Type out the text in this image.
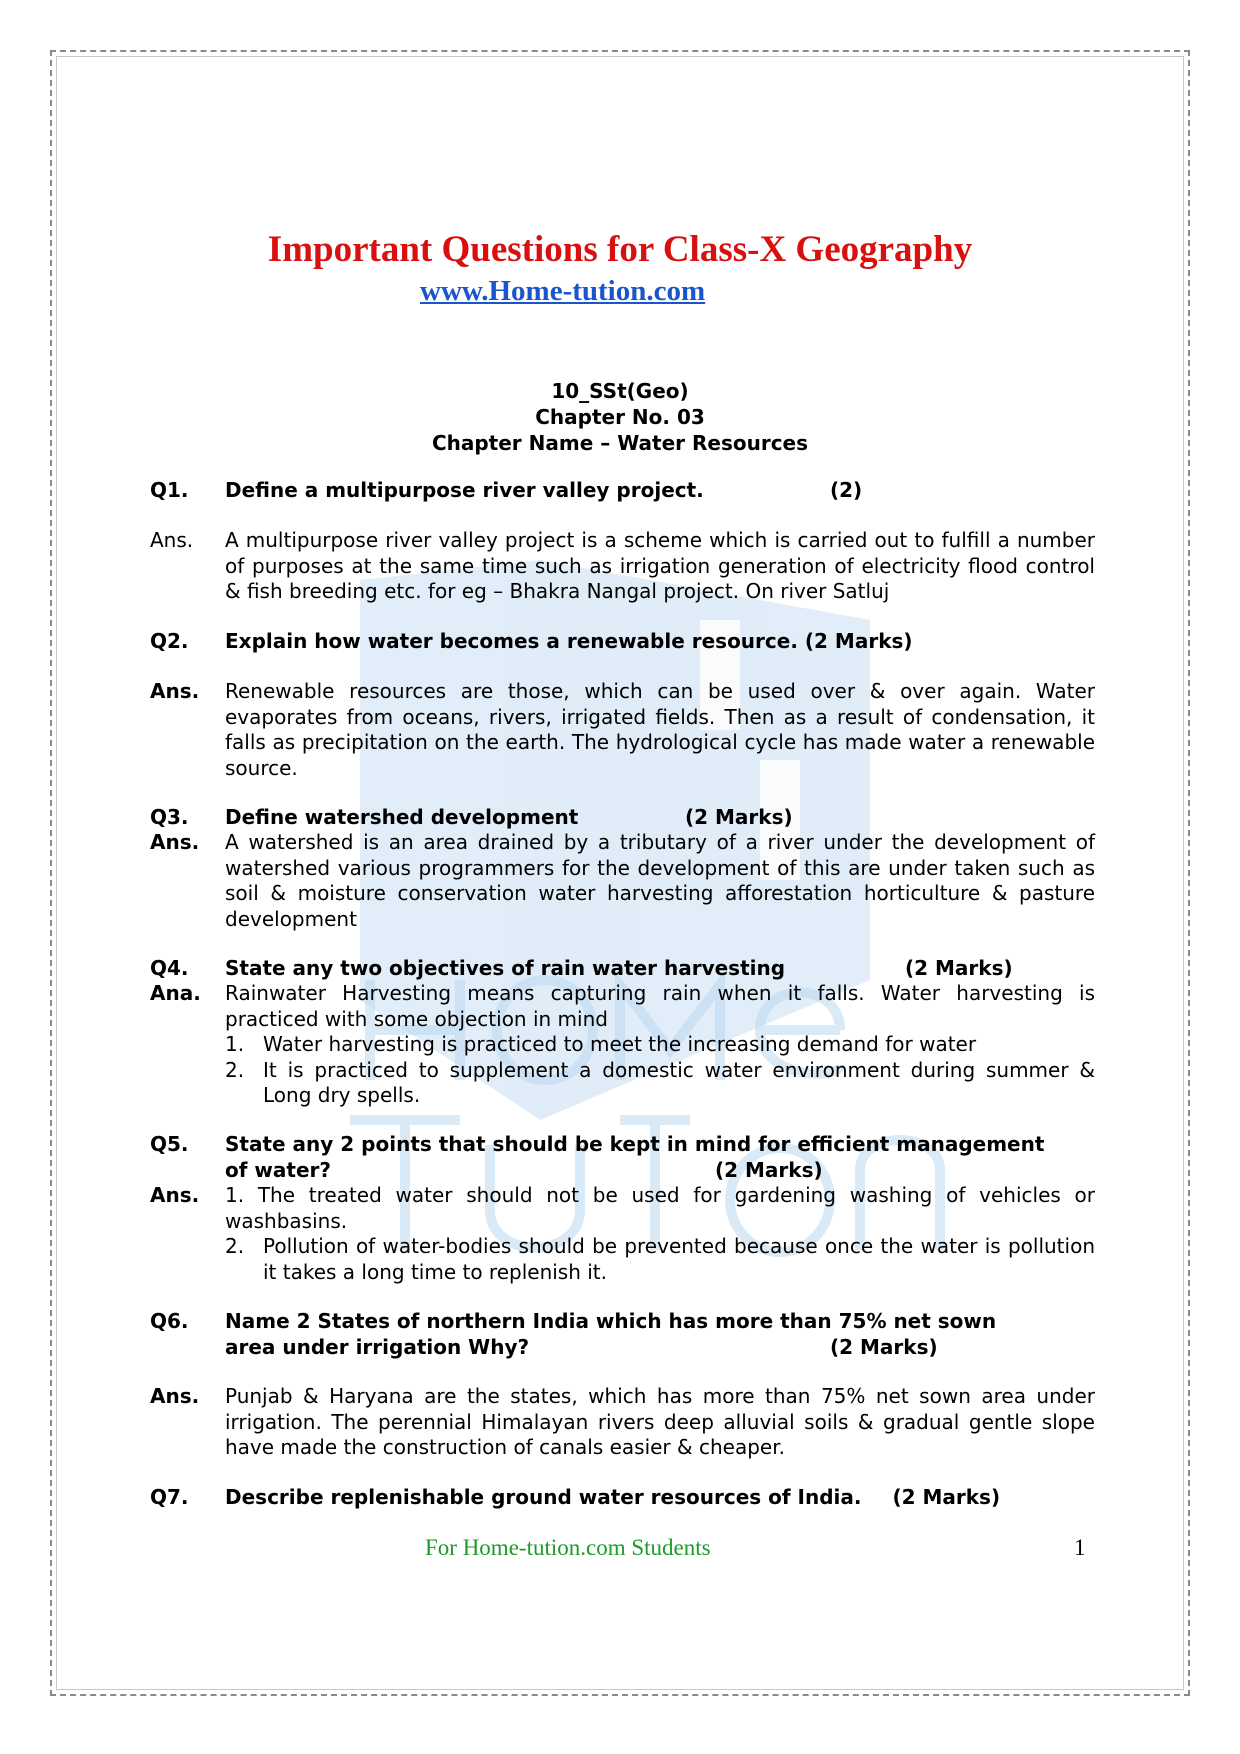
Important Questions for Class-X Geography
www.Home-tution.com
10_SSt(Geo)
Chapter No. 03
Chapter Name – Water Resources
Q1. Define a multipurpose river valley project.	(2)
Ans. A multipurpose river valley project is a scheme which is carried out to fulfill a number of purposes at the same time such as irrigation generation of electricity flood control & fish breeding etc. for eg – Bhakra Nangal project. On river Satluj
Q2. Explain how water becomes a renewable resource. (2 Marks)
Ans. Renewable resources are those, which can be used over & over again. Water evaporates from oceans, rivers, irrigated fields. Then as a result of condensation, it falls as precipitation on the earth. The hydrological cycle has made water a renewable source.
Q3. Define watershed development	(2 Marks)
Ans. A watershed is an area drained by a tributary of a river under the development of watershed various programmers for the development of this are under taken such as soil & moisture conservation water harvesting afforestation horticulture & pasture development
Q4. State any two objectives of rain water harvesting	(2 Marks)
Ana. Rainwater Harvesting means capturing rain when it falls. Water harvesting is practiced with some objection in mind
1. Water harvesting is practiced to meet the increasing demand for water
2. It is practiced to supplement a domestic water environment during summer & Long dry spells.
Q5. State any 2 points that should be kept in mind for efficient management
of water?	(2 Marks)
Ans. 1. The treated water should not be used for gardening washing of vehicles or washbasins.
2. Pollution of water-bodies should be prevented because once the water is pollution it takes a long time to replenish it.
Q6. Name 2 States of northern India which has more than 75% net sown
area under irrigation Why?	(2 Marks)
Ans. Punjab & Haryana are the states, which has more than 75% net sown area under irrigation. The perennial Himalayan rivers deep alluvial soils & gradual gentle slope have made the construction of canals easier & cheaper.
Q7. Describe replenishable ground water resources of India. (2 Marks)
For Home-tution.com Students	1
